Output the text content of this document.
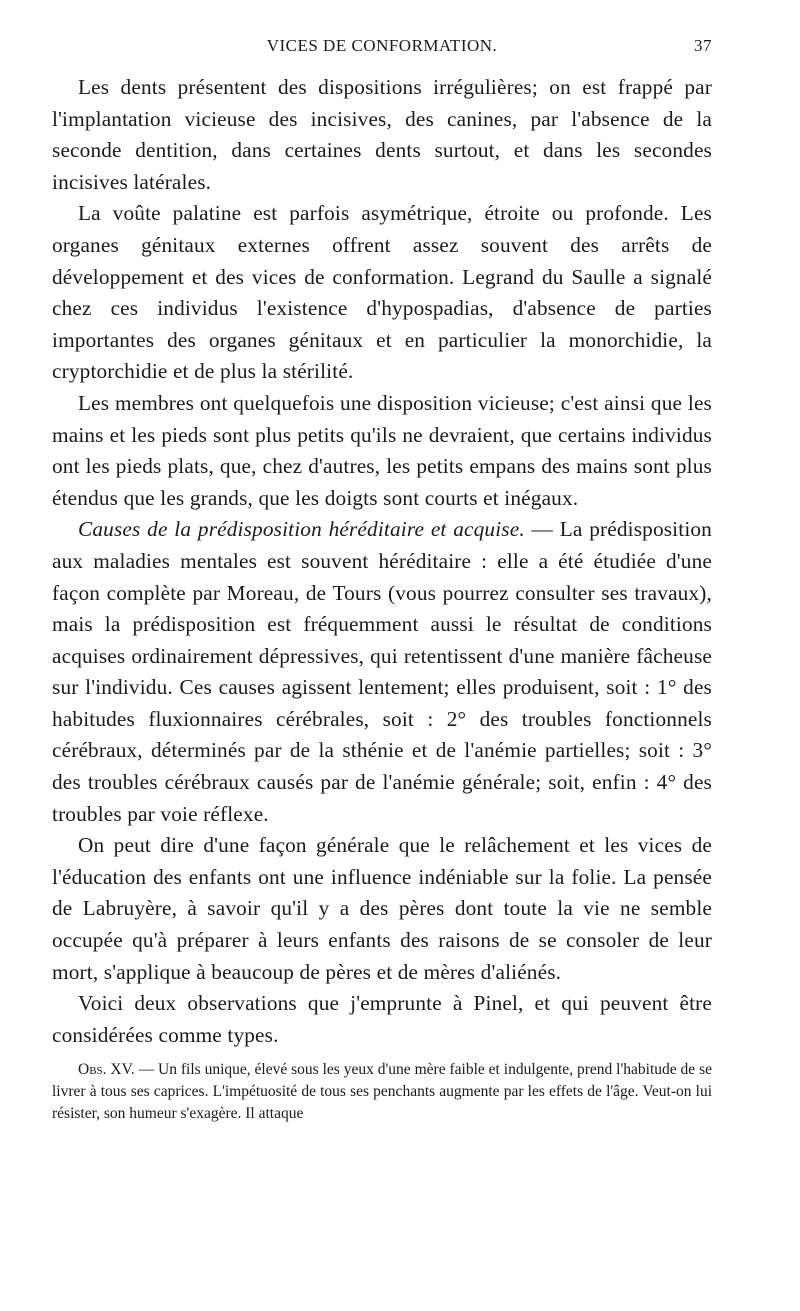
VICES DE CONFORMATION.	37

Les dents présentent des dispositions irrégulières; on est frappé par l'implantation vicieuse des incisives, des canines, par l'absence de la seconde dentition, dans certaines dents surtout, et dans les secondes incisives latérales.

La voûte palatine est parfois asymétrique, étroite ou profonde. Les organes génitaux externes offrent assez souvent des arrêts de développement et des vices de conformation. Legrand du Saulle a signalé chez ces individus l'existence d'hypospadias, d'absence de parties importantes des organes génitaux et en particulier la monorchidie, la cryptorchidie et de plus la stérilité.

Les membres ont quelquefois une disposition vicieuse; c'est ainsi que les mains et les pieds sont plus petits qu'ils ne devraient, que certains individus ont les pieds plats, que, chez d'autres, les petits empans des mains sont plus étendus que les grands, que les doigts sont courts et inégaux.

Causes de la prédisposition héréditaire et acquise. — La prédisposition aux maladies mentales est souvent héréditaire : elle a été étudiée d'une façon complète par Moreau, de Tours (vous pourrez consulter ses travaux), mais la prédisposition est fréquemment aussi le résultat de conditions acquises ordinairement dépressives, qui retentissent d'une manière fâcheuse sur l'individu. Ces causes agissent lentement; elles produisent, soit : 1° des habitudes fluxionnaires cérébrales, soit : 2° des troubles fonctionnels cérébraux, déterminés par de la sthénie et de l'anémie partielles; soit : 3° des troubles cérébraux causés par de l'anémie générale; soit, enfin : 4° des troubles par voie réflexe.

On peut dire d'une façon générale que le relâchement et les vices de l'éducation des enfants ont une influence indéniable sur la folie. La pensée de Labruyère, à savoir qu'il y a des pères dont toute la vie ne semble occupée qu'à préparer à leurs enfants des raisons de se consoler de leur mort, s'applique à beaucoup de pères et de mères d'aliénés.

Voici deux observations que j'emprunte à Pinel, et qui peuvent être considérées comme types.

Obs. XV. — Un fils unique, élevé sous les yeux d'une mère faible et indulgente, prend l'habitude de se livrer à tous ses caprices. L'impétuosité de tous ses penchants augmente par les effets de l'âge. Veut-on lui résister, son humeur s'exagère. Il attaque
